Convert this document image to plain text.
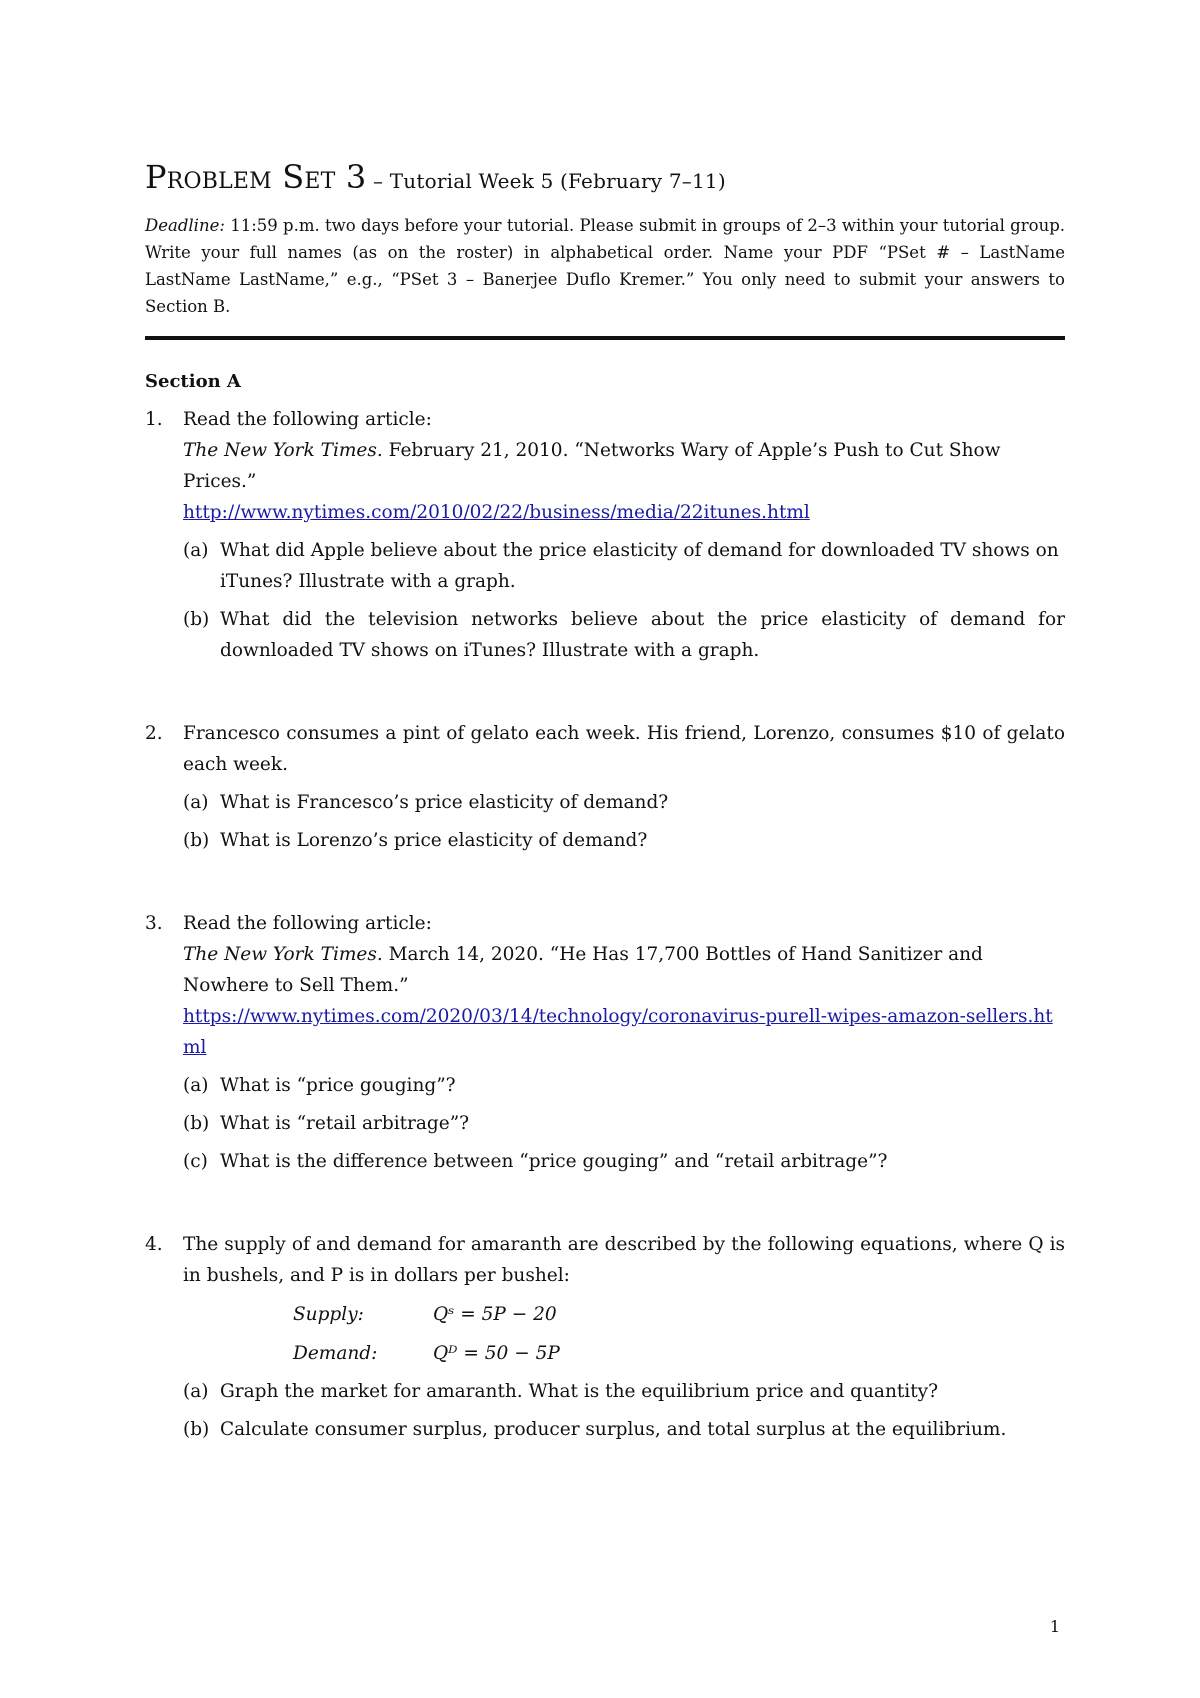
Problem Set 3 – Tutorial Week 5 (February 7–11)

Deadline: 11:59 p.m. two days before your tutorial. Please submit in groups of 2–3 within your tutorial group. Write your full names (as on the roster) in alphabetical order. Name your PDF “PSet # – LastName LastName LastName,” e.g., “PSet 3 – Banerjee Duflo Kremer.” You only need to submit your answers to Section B.

Section A
1.	Read the following article:

The New York Times. February 21, 2010. “Networks Wary of Apple’s Push to Cut Show Prices.”

http://www.nytimes.com/2010/02/22/business/media/22itunes.html

(a) What did Apple believe about the price elasticity of demand for downloaded TV shows on iTunes? Illustrate with a graph.
(b) What did the television networks believe about the price elasticity of demand for downloaded TV shows on iTunes? Illustrate with a graph.
2.	Francesco consumes a pint of gelato each week. His friend, Lorenzo, consumes $10 of gelato each week.

(a) What is Francesco’s price elasticity of demand?
(b) What is Lorenzo’s price elasticity of demand?
3.	Read the following article:

The New York Times. March 14, 2020. “He Has 17,700 Bottles of Hand Sanitizer and Nowhere to Sell Them.”

https://www.nytimes.com/2020/03/14/technology/coronavirus-purell-wipes-amazon-sellers.html

(a) What is “price gouging”?
(b) What is “retail arbitrage”?
(c) What is the difference between “price gouging” and “retail arbitrage”?
4.	The supply of and demand for amaranth are described by the following equations, where Q is in bushels, and P is in dollars per bushel:

Supply:	Qˢ = 5P − 20
Demand:	Qᴰ = 50 − 5P
(a) Graph the market for amaranth. What is the equilibrium price and quantity?
(b) Calculate consumer surplus, producer surplus, and total surplus at the equilibrium.
1
